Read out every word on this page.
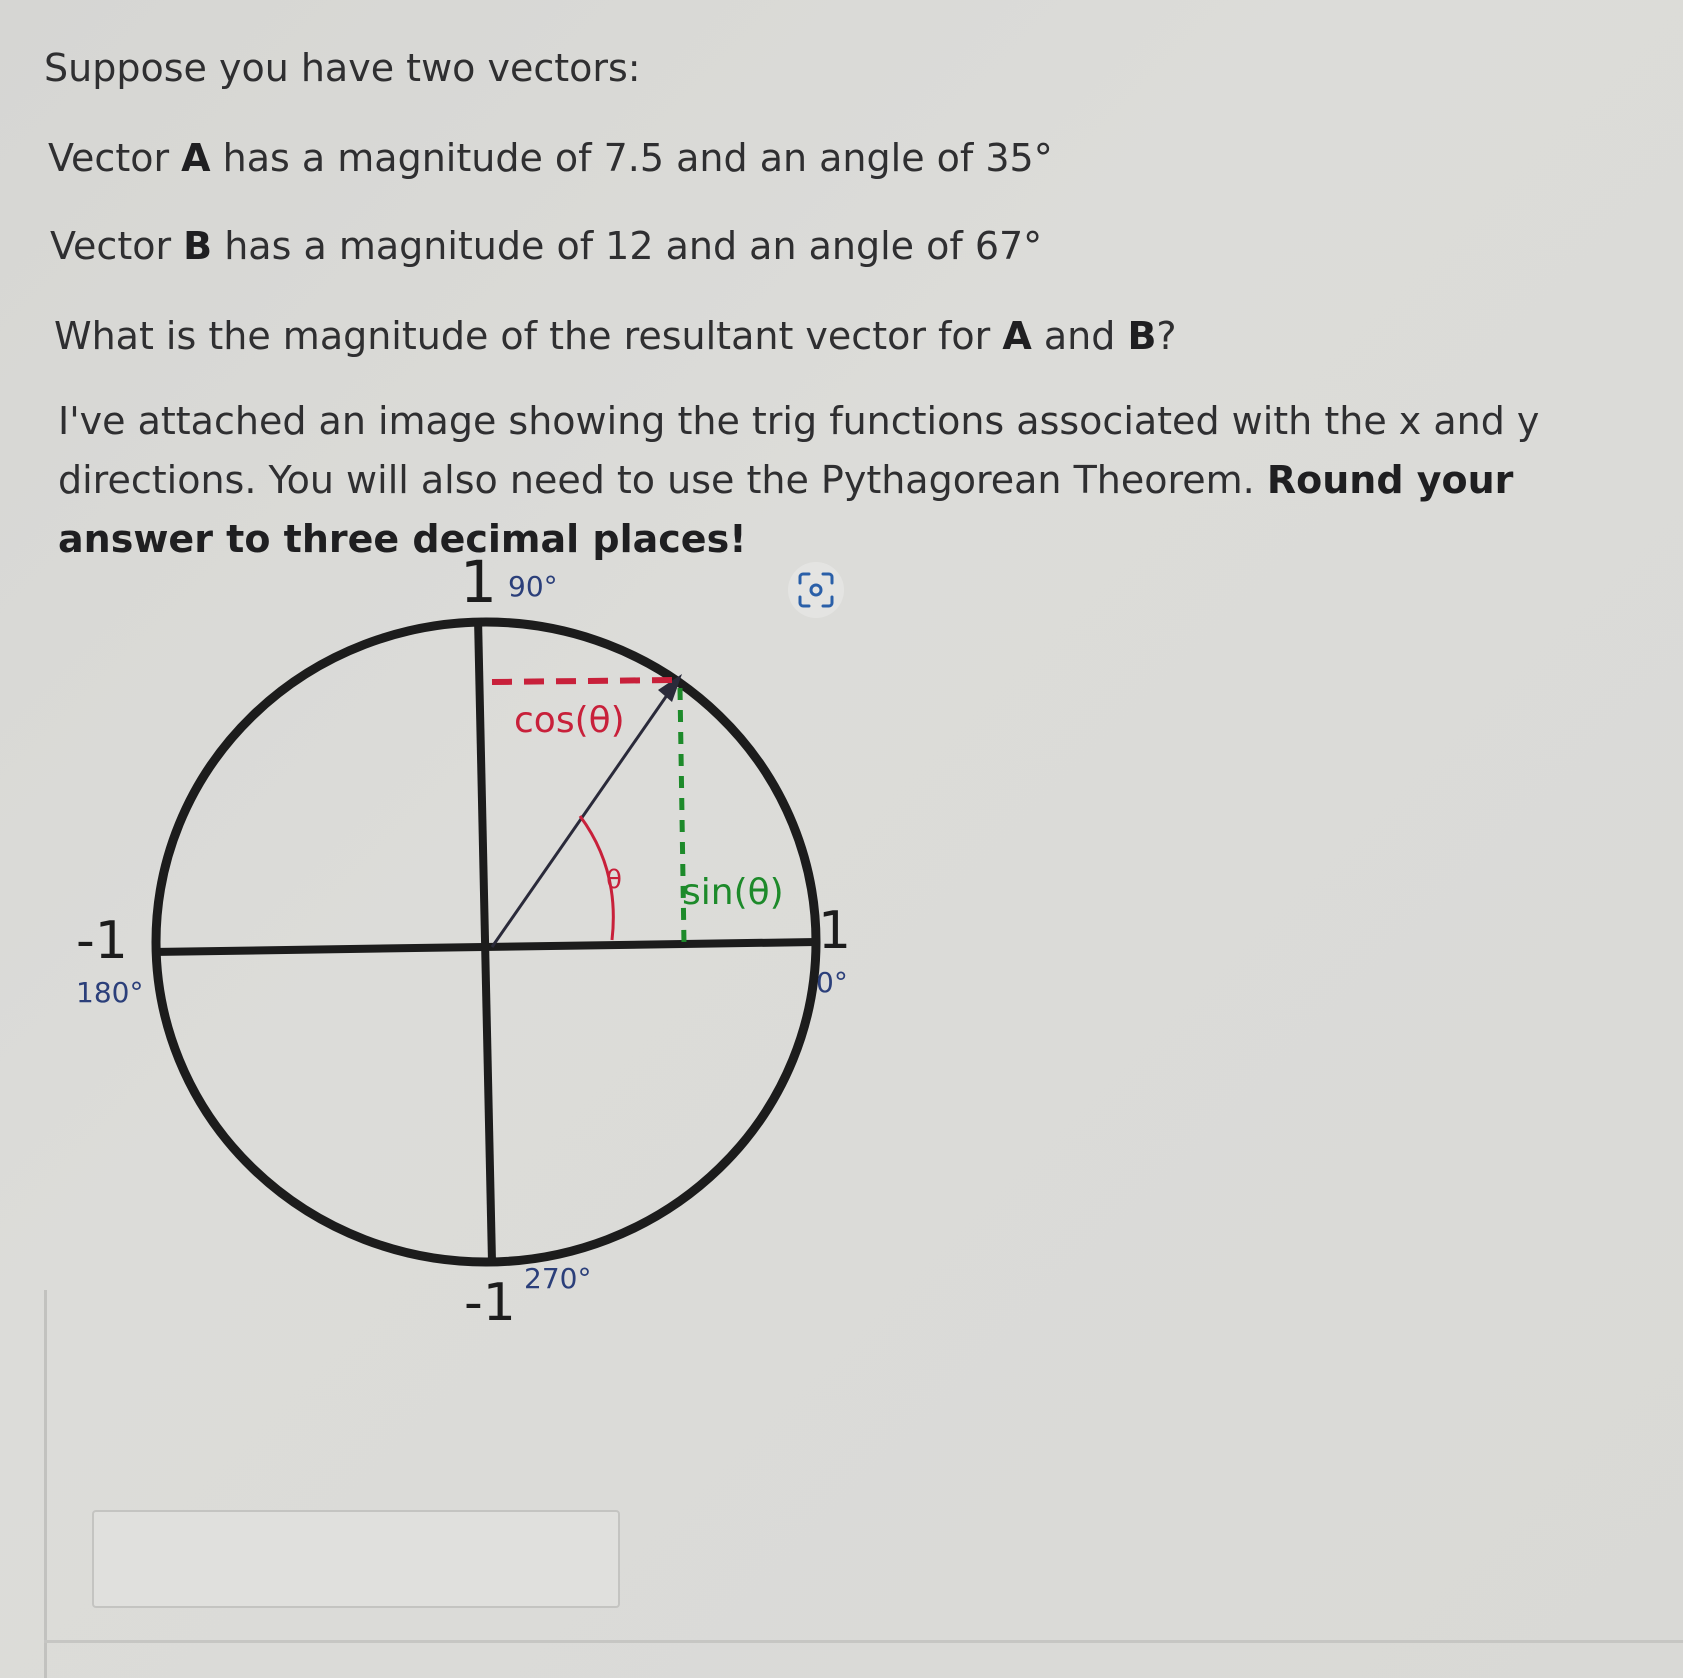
Suppose you have two vectors:

Vector A has a magnitude of 7.5 and an angle of 35°

Vector B has a magnitude of 12 and an angle of 67°

What is the magnitude of the resultant vector for A and B?

I've attached an image showing the trig functions associated with the x and y directions. You will also need to use the Pythagorean Theorem. Round your answer to three decimal places!

1 90°
1
0°
-1
180°
-1 270°
cos(θ)
sin(θ)
θ
